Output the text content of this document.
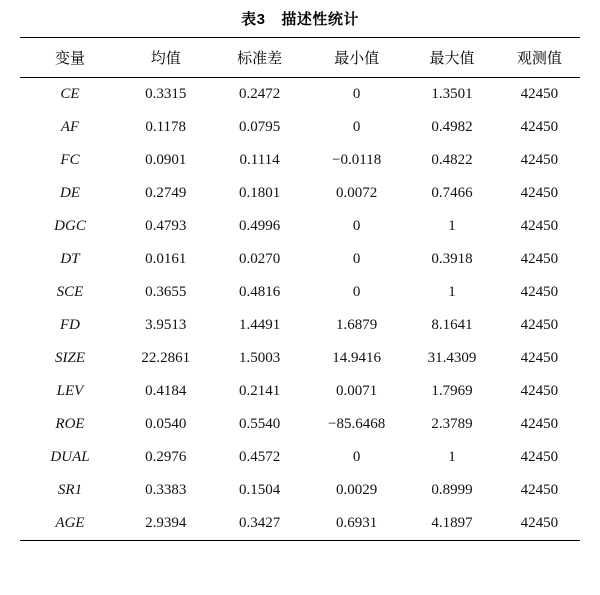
表3 描述性统计
变量	均值	标准差	最小值	最大值	观测值
CE	0.3315	0.2472	0	1.3501	42450
AF	0.1178	0.0795	0	0.4982	42450
FC	0.0901	0.1114	−0.0118	0.4822	42450
DE	0.2749	0.1801	0.0072	0.7466	42450
DGC	0.4793	0.4996	0	1	42450
DT	0.0161	0.0270	0	0.3918	42450
SCE	0.3655	0.4816	0	1	42450
FD	3.9513	1.4491	1.6879	8.1641	42450
SIZE	22.2861	1.5003	14.9416	31.4309	42450
LEV	0.4184	0.2141	0.0071	1.7969	42450
ROE	0.0540	0.5540	−85.6468	2.3789	42450
DUAL	0.2976	0.4572	0	1	42450
SR1	0.3383	0.1504	0.0029	0.8999	42450
AGE	2.9394	0.3427	0.6931	4.1897	42450
